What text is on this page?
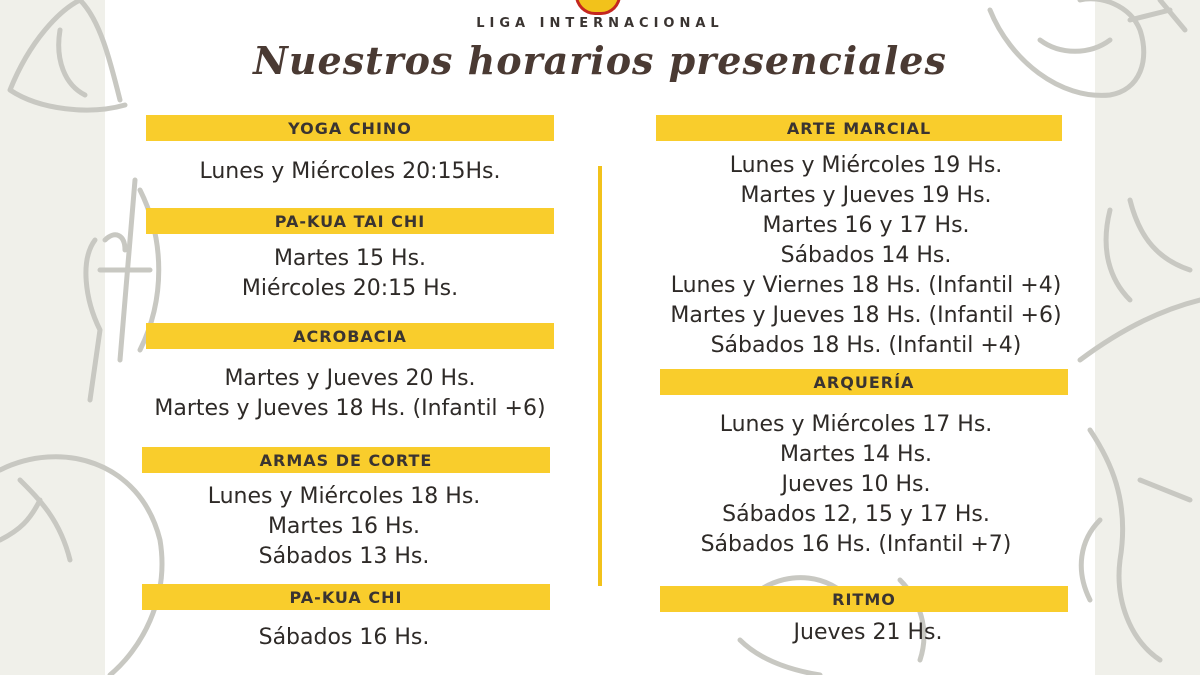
LIGA INTERNACIONAL
Nuestros horarios presenciales
YOGA CHINO
Lunes y Miércoles 20:15Hs.
PA-KUA TAI CHI
Martes 15 Hs.
Miércoles 20:15 Hs.
ACROBACIA
Martes y Jueves 20 Hs.
Martes y Jueves 18 Hs. (Infantil +6)
ARMAS DE CORTE
Lunes y Miércoles 18 Hs.
Martes 16 Hs.
Sábados 13 Hs.
PA-KUA CHI
Sábados 16 Hs.
ARTE MARCIAL
Lunes y Miércoles 19 Hs.
Martes y Jueves 19 Hs.
Martes 16 y 17 Hs.
Sábados 14 Hs.
Lunes y Viernes 18 Hs. (Infantil +4)
Martes y Jueves 18 Hs. (Infantil +6)
Sábados 18 Hs. (Infantil +4)
ARQUERÍA
Lunes y Miércoles 17 Hs.
Martes 14 Hs.
Jueves 10 Hs.
Sábados 12, 15 y 17 Hs.
Sábados 16 Hs. (Infantil +7)
RITMO
Jueves 21 Hs.
